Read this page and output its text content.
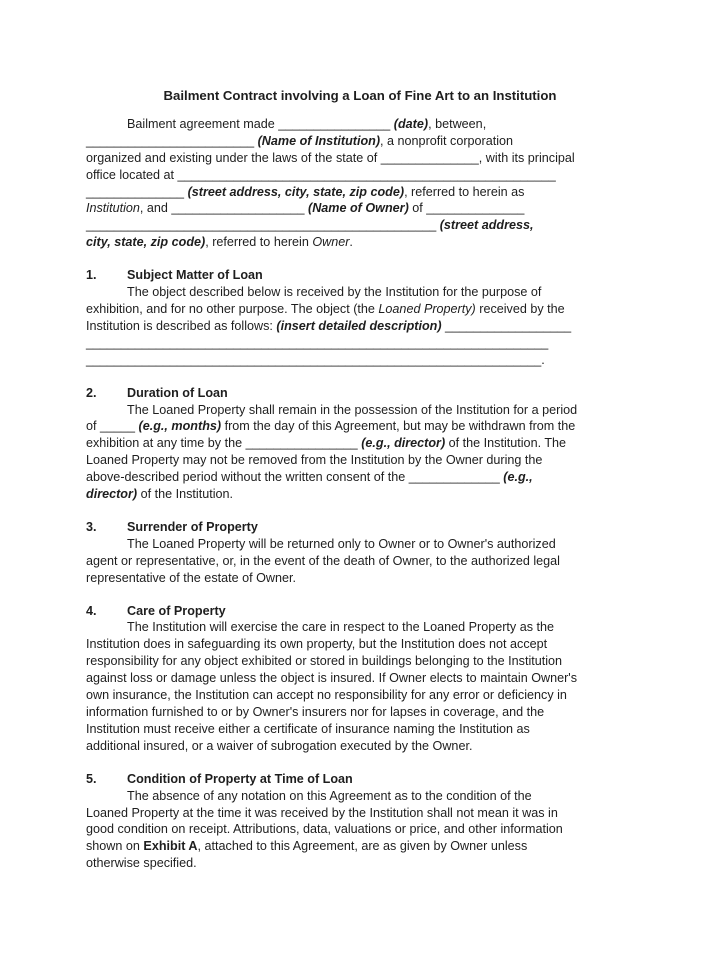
Bailment Contract involving a Loan of Fine Art to an Institution
Bailment agreement made ________________ (date), between,
________________________ (Name of Institution), a nonprofit corporation
organized and existing under the laws of the state of ______________, with its principal
office located at ______________________________________________________
______________ (street address, city, state, zip code), referred to herein as
Institution, and ___________________ (Name of Owner) of ______________
__________________________________________________ (street address,
city, state, zip code), referred to herein Owner.
1. Subject Matter of Loan
The object described below is received by the Institution for the purpose of
exhibition, and for no other purpose. The object (the Loaned Property) received by the
Institution is described as follows: (insert detailed description) __________________
__________________________________________________________________
_________________________________________________________________.
2. Duration of Loan
The Loaned Property shall remain in the possession of the Institution for a period
of _____ (e.g., months) from the day of this Agreement, but may be withdrawn from the
exhibition at any time by the ________________ (e.g., director) of the Institution. The
Loaned Property may not be removed from the Institution by the Owner during the
above-described period without the written consent of the _____________ (e.g.,
director) of the Institution.
3. Surrender of Property
The Loaned Property will be returned only to Owner or to Owner's authorized
agent or representative, or, in the event of the death of Owner, to the authorized legal
representative of the estate of Owner.
4. Care of Property
The Institution will exercise the care in respect to the Loaned Property as the
Institution does in safeguarding its own property, but the Institution does not accept
responsibility for any object exhibited or stored in buildings belonging to the Institution
against loss or damage unless the object is insured. If Owner elects to maintain Owner's
own insurance, the Institution can accept no responsibility for any error or deficiency in
information furnished to or by Owner's insurers nor for lapses in coverage, and the
Institution must receive either a certificate of insurance naming the Institution as
additional insured, or a waiver of subrogation executed by the Owner.
5. Condition of Property at Time of Loan
The absence of any notation on this Agreement as to the condition of the
Loaned Property at the time it was received by the Institution shall not mean it was in
good condition on receipt. Attributions, data, valuations or price, and other information
shown on Exhibit A, attached to this Agreement, are as given by Owner unless
otherwise specified.
